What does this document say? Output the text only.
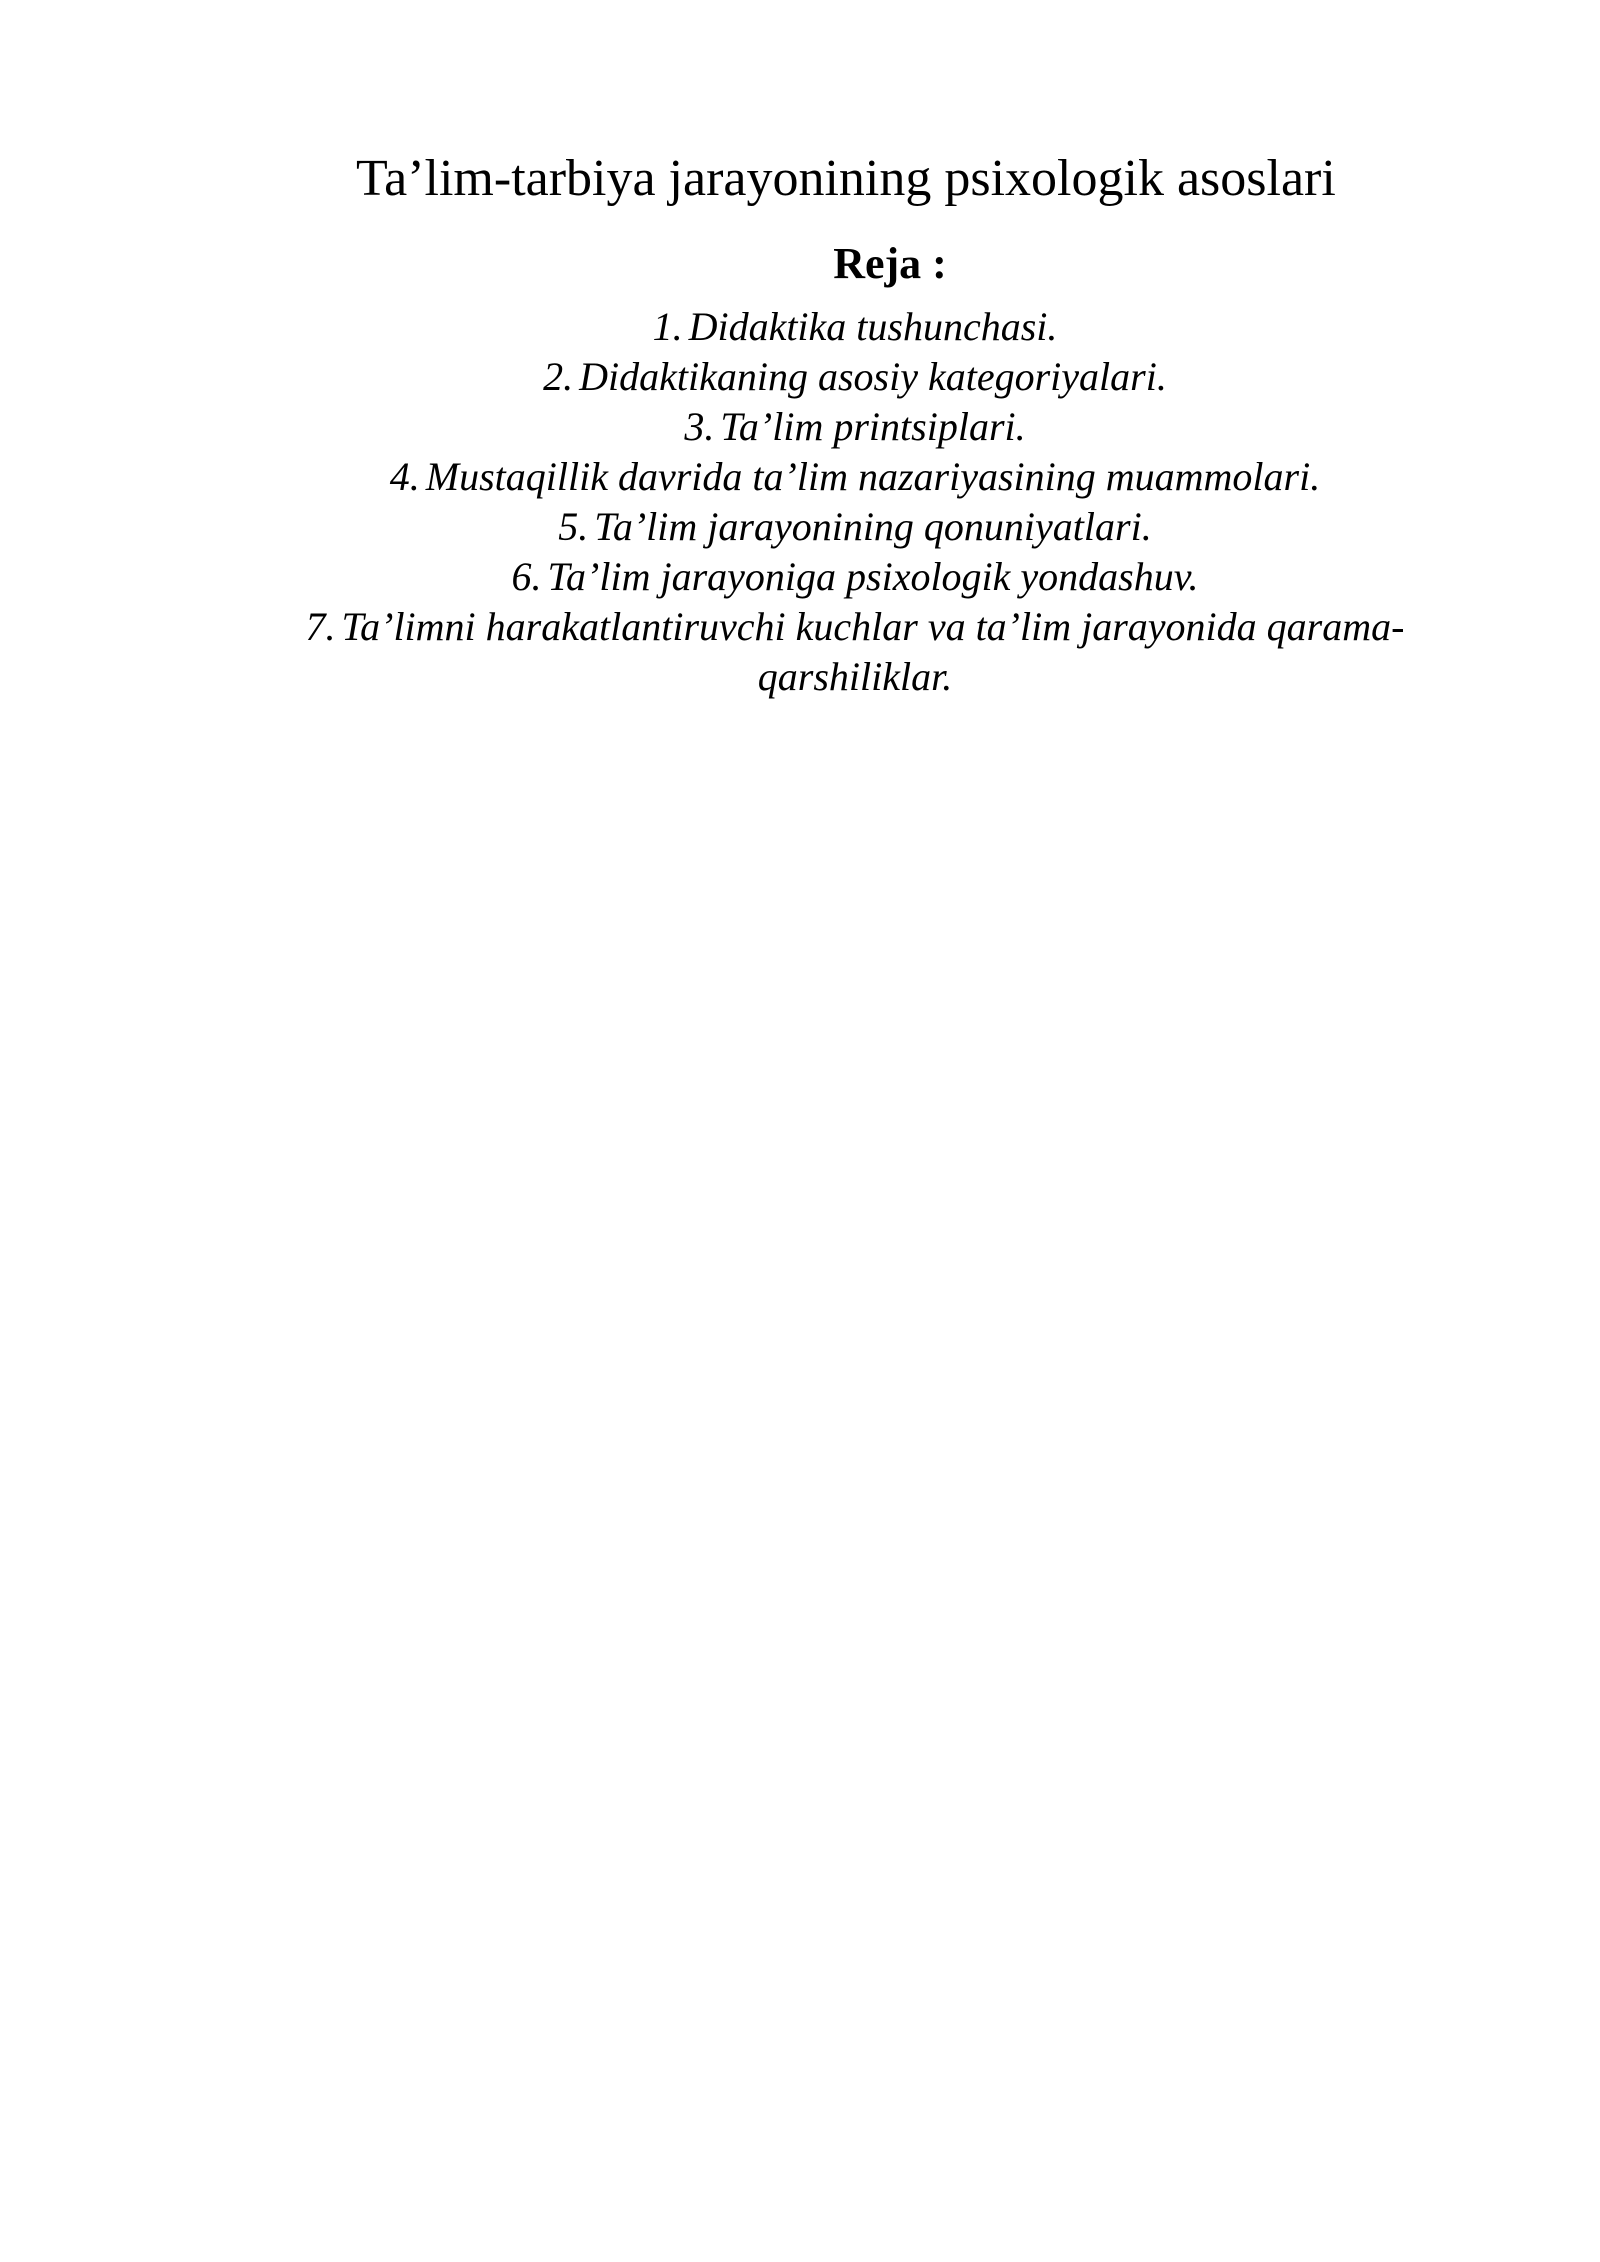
Ta’lim-tarbiya jarayonining psixologik asoslari
Reja :
1. Didaktika tushunchasi.
2. Didaktikaning asosiy kategoriyalari.
3. Ta’lim printsiplari.
4. Mustaqillik davrida ta’lim nazariyasining muammolari.
5. Ta’lim jarayonining qonuniyatlari.
6. Ta’lim jarayoniga psixologik yondashuv.
7. Ta’limni harakatlantiruvchi kuchlar va ta’lim jarayonida qarama-qarshiliklar.
